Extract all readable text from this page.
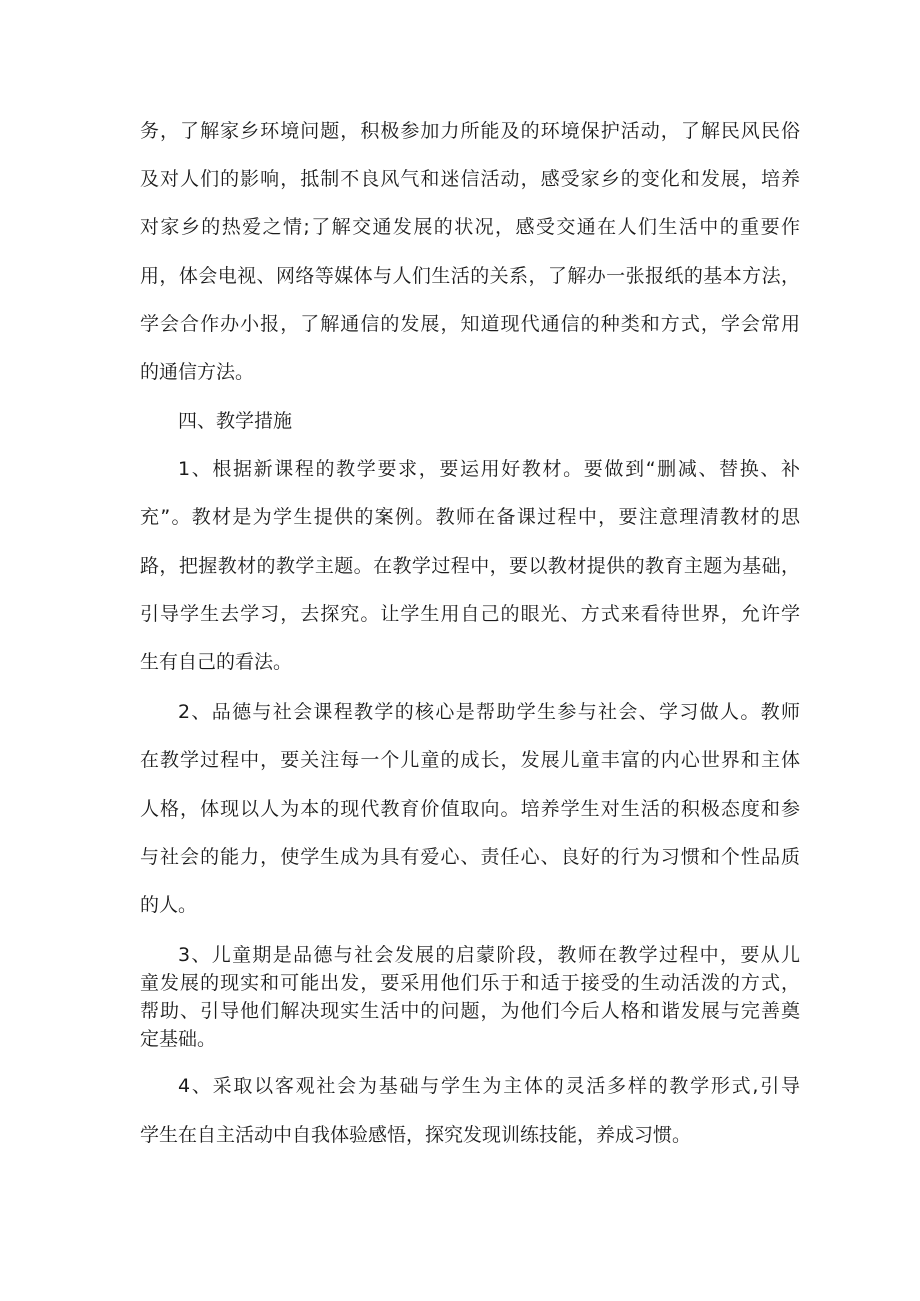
务，了解家乡环境问题，积极参加力所能及的环境保护活动，了解民风民俗
及对人们的影响，抵制不良风气和迷信活动，感受家乡的变化和发展，培养
对家乡的热爱之情;了解交通发展的状况，感受交通在人们生活中的重要作
用，体会电视、网络等媒体与人们生活的关系，了解办一张报纸的基本方法，
学会合作办小报，了解通信的发展，知道现代通信的种类和方式，学会常用
的通信方法。
四、教学措施
1、根据新课程的教学要求，要运用好教材。要做到“删减、替换、补
充”。教材是为学生提供的案例。教师在备课过程中，要注意理清教材的思
路，把握教材的教学主题。在教学过程中，要以教材提供的教育主题为基础，
引导学生去学习，去探究。让学生用自己的眼光、方式来看待世界，允许学
生有自己的看法。
2、品德与社会课程教学的核心是帮助学生参与社会、学习做人。教师
在教学过程中，要关注每一个儿童的成长，发展儿童丰富的内心世界和主体
人格，体现以人为本的现代教育价值取向。培养学生对生活的积极态度和参
与社会的能力，使学生成为具有爱心、责任心、良好的行为习惯和个性品质
的人。
3、儿童期是品德与社会发展的启蒙阶段，教师在教学过程中，要从儿
童发展的现实和可能出发，要采用他们乐于和适于接受的生动活泼的方式，
帮助、引导他们解决现实生活中的问题，为他们今后人格和谐发展与完善奠
定基础。
4、采取以客观社会为基础与学生为主体的灵活多样的教学形式,引导
学生在自主活动中自我体验感悟，探究发现训练技能，养成习惯。
